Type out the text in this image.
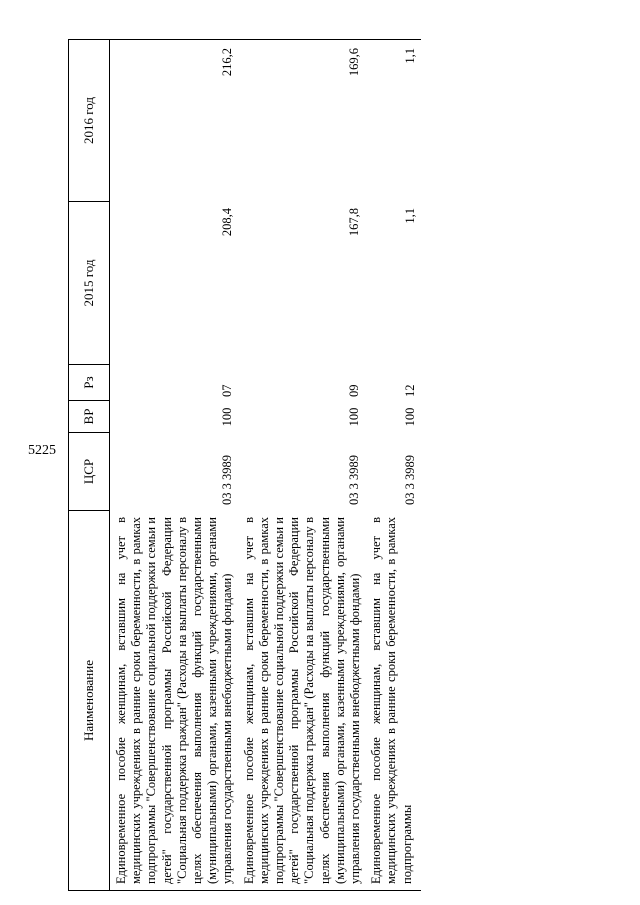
5225
Наименование
ЦСР
ВР
Рз
2015 год
2016 год
Единовременное пособие женщинам, вставшим на учет в медицинских учреждениях в ранние сроки беременности, в рамках подпрограммы "Совершенствование социальной поддержки семьи и детей" государственной программы Российской Федерации "Социальная поддержка граждан" (Расходы на выплаты персоналу в целях обеспечения выполнения функций государственными (муниципальными) органами, казенными учреждениями, органами управления государственными внебюджетными фондами)
03 3 3989
100
07
208,4
216,2
Единовременное пособие женщинам, вставшим на учет в медицинских учреждениях в ранние сроки беременности, в рамках подпрограммы "Совершенствование социальной поддержки семьи и детей" государственной программы Российской Федерации "Социальная поддержка граждан" (Расходы на выплаты персоналу в целях обеспечения выполнения функций государственными (муниципальными) органами, казенными учреждениями, органами управления государственными внебюджетными фондами)
03 3 3989
100
09
167,8
169,6
Единовременное пособие женщинам, вставшим на учет в медицинских учреждениях в ранние сроки беременности, в рамках подпрограммы
03 3 3989
100
12
1,1
1,1
